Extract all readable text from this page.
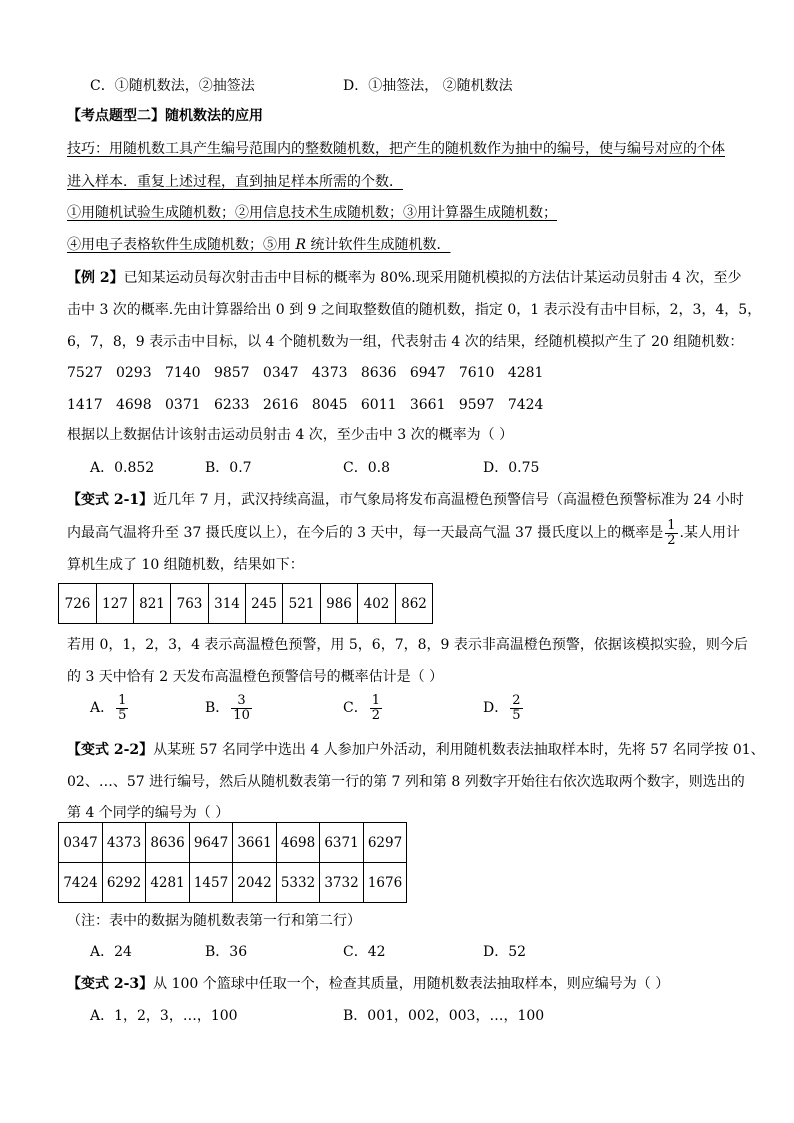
C．①随机数法，②抽签法	D．①抽签法， ②随机数法
【考点题型二】随机数法的应用
技巧：用随机数工具产生编号范围内的整数随机数，把产生的随机数作为抽中的编号，使与编号对应的个体
进入样本．重复上述过程，直到抽足样本所需的个数．
①用随机试验生成随机数；②用信息技术生成随机数；③用计算器生成随机数；
④用电子表格软件生成随机数；⑤用 R 统计软件生成随机数．
【例 2】已知某运动员每次射击击中目标的概率为 80%.现采用随机模拟的方法估计某运动员射击 4 次，至少
击中 3 次的概率.先由计算器给出 0 到 9 之间取整数值的随机数，指定 0，1 表示没有击中目标，2，3，4，5，
6，7，8，9 表示击中目标，以 4 个随机数为一组，代表射击 4 次的结果，经随机模拟产生了 20 组随机数：
7527   0293   7140   9857   0347   4373   8636   6947   7610   4281
1417   4698   0371   6233   2616   8045   6011   3661   9597   7424
根据以上数据估计该射击运动员射击 4 次，至少击中 3 次的概率为（ ）
A．0.852	B．0.7	C．0.8	D．0.75
【变式 2-1】近几年 7 月，武汉持续高温，市气象局将发布高温橙色预警信号（高温橙色预警标准为 24 小时
内最高气温将升至 37 摄氏度以上），在今后的 3 天中，每一天最高气温 37 摄氏度以上的概率是 $\frac{1}{2}$ .某人用计
算机生成了 10 组随机数，结果如下：
726	127	821	763	314	245	521	986	402	862
若用 0，1，2，3，4 表示高温橙色预警，用 5，6，7，8，9 表示非高温橙色预警，依据该模拟实验，则今后
的 3 天中恰有 2 天发布高温橙色预警信号的概率估计是（ ）
A． $\frac{1}{5}$	B． $\frac{3}{10}$	C． $\frac{1}{2}$	D． $\frac{2}{5}$
【变式 2-2】从某班 57 名同学中选出 4 人参加户外活动，利用随机数表法抽取样本时，先将 57 名同学按 01、
02、…、57 进行编号，然后从随机数表第一行的第 7 列和第 8 列数字开始往右依次选取两个数字，则选出的
第 4 个同学的编号为（ ）
0347	4373	8636	9647	3661	4698	6371	6297
7424	6292	4281	1457	2042	5332	3732	1676
（注：表中的数据为随机数表第一行和第二行）
A．24	B．36	C．42	D．52
【变式 2-3】从 100 个篮球中任取一个，检查其质量，用随机数表法抽取样本，则应编号为（ ）
A．1，2，3，…，100	B．001，002，003，…，100
